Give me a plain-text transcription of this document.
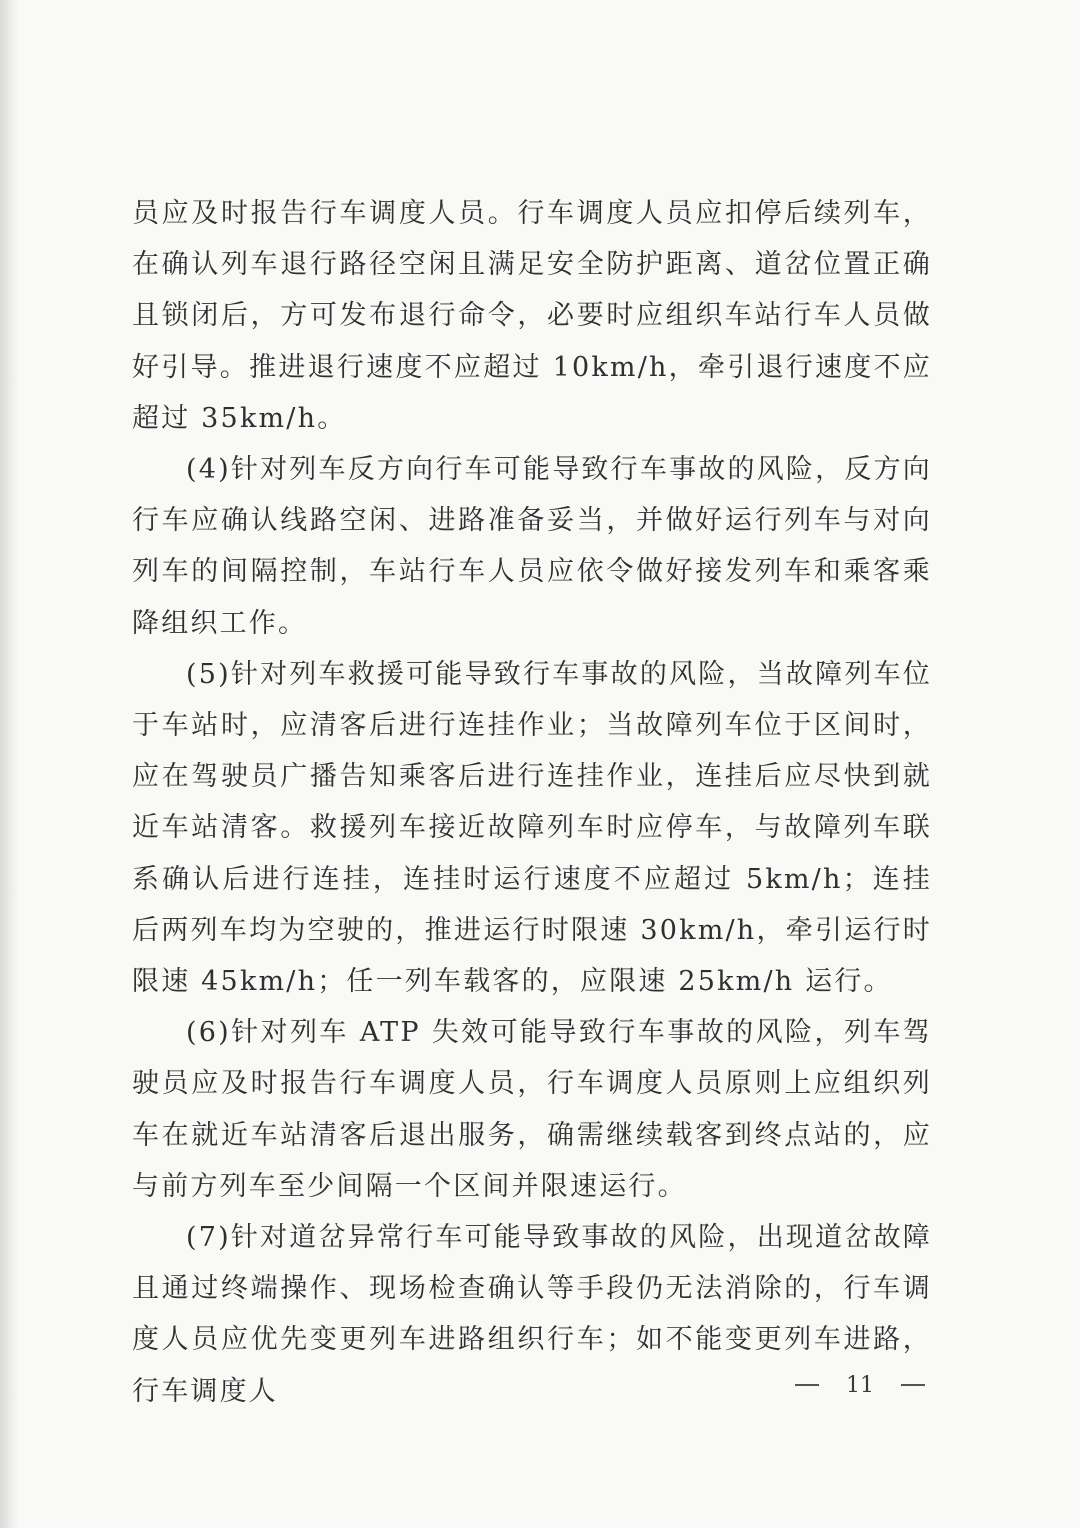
员应及时报告行车调度人员。行车调度人员应扣停后续列车，在确认列车退行路径空闲且满足安全防护距离、道岔位置正确且锁闭后，方可发布退行命令，必要时应组织车站行车人员做好引导。推进退行速度不应超过 10km/h，牵引退行速度不应超过 35km/h。

(4)针对列车反方向行车可能导致行车事故的风险，反方向行车应确认线路空闲、进路准备妥当，并做好运行列车与对向列车的间隔控制，车站行车人员应依令做好接发列车和乘客乘降组织工作。

(5)针对列车救援可能导致行车事故的风险，当故障列车位于车站时，应清客后进行连挂作业；当故障列车位于区间时，应在驾驶员广播告知乘客后进行连挂作业，连挂后应尽快到就近车站清客。救援列车接近故障列车时应停车，与故障列车联系确认后进行连挂，连挂时运行速度不应超过 5km/h；连挂后两列车均为空驶的，推进运行时限速 30km/h，牵引运行时限速 45km/h；任一列车载客的，应限速 25km/h 运行。

(6)针对列车 ATP 失效可能导致行车事故的风险，列车驾驶员应及时报告行车调度人员，行车调度人员原则上应组织列车在就近车站清客后退出服务，确需继续载客到终点站的，应与前方列车至少间隔一个区间并限速运行。

(7)针对道岔异常行车可能导致事故的风险，出现道岔故障且通过终端操作、现场检查确认等手段仍无法消除的，行车调度人员应优先变更列车进路组织行车；如不能变更列车进路，行车调度人	11
